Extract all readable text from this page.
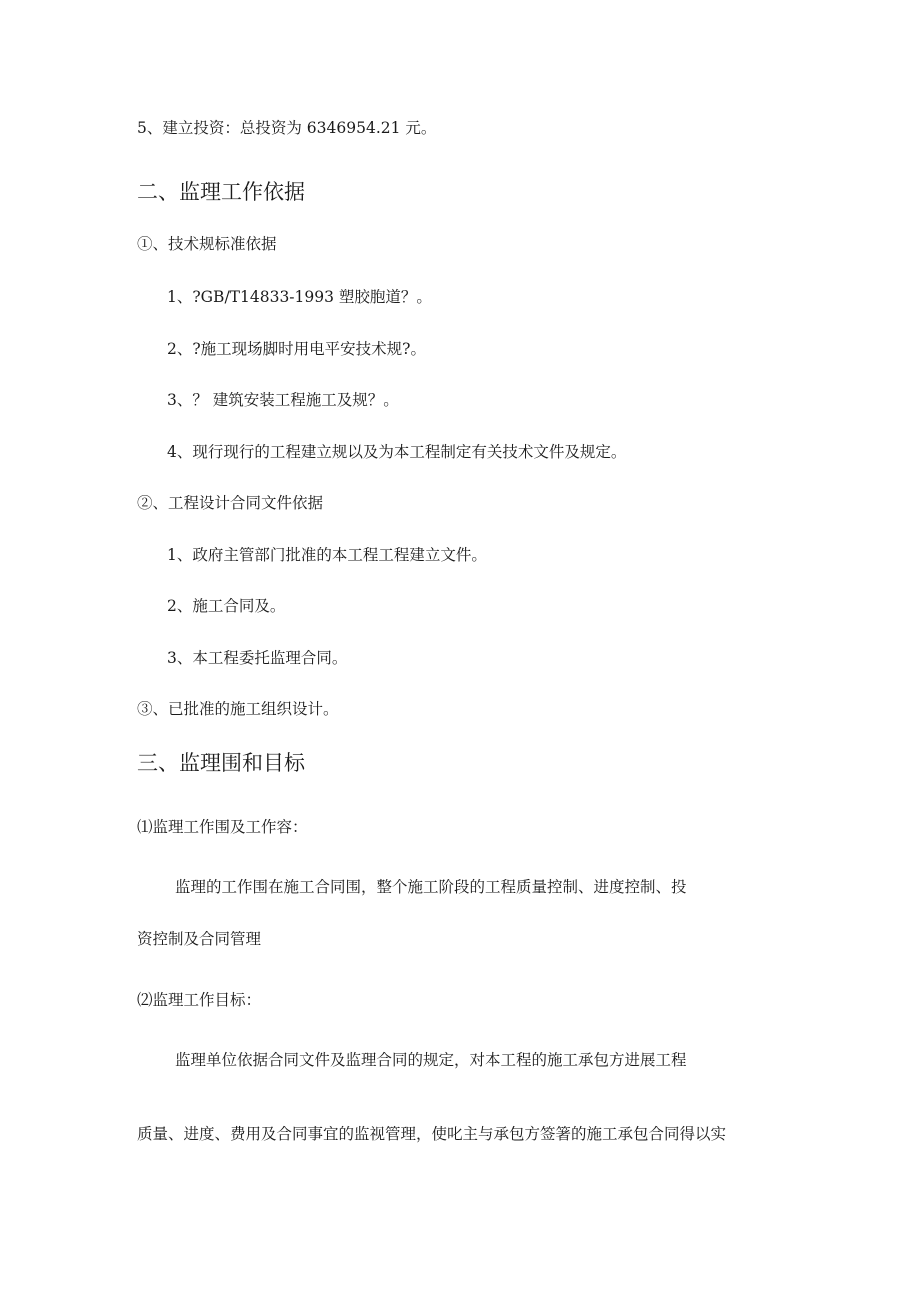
5、建立投资：总投资为 6346954.21 元。
二、监理工作依据
①、技术规标准依据
1、?GB/T14833-1993 塑胶胞道？。
2、?施工现场脚时用电平安技术规?。
3、？ 建筑安装工程施工及规？。
4、现行现行的工程建立规以及为本工程制定有关技术文件及规定。
②、工程设计合同文件依据
1、政府主管部门批准的本工程工程建立文件。
2、施工合同及。
3、本工程委托监理合同。
③、已批准的施工组织设计。
三、监理围和目标
⑴监理工作围及工作容：
监理的工作围在施工合同围，整个施工阶段的工程质量控制、进度控制、投
资控制及合同管理
⑵监理工作目标：
监理单位依据合同文件及监理合同的规定，对本工程的施工承包方进展工程
质量、进度、费用及合同事宜的监视管理，使叱主与承包方签箸的施工承包合同得以实
